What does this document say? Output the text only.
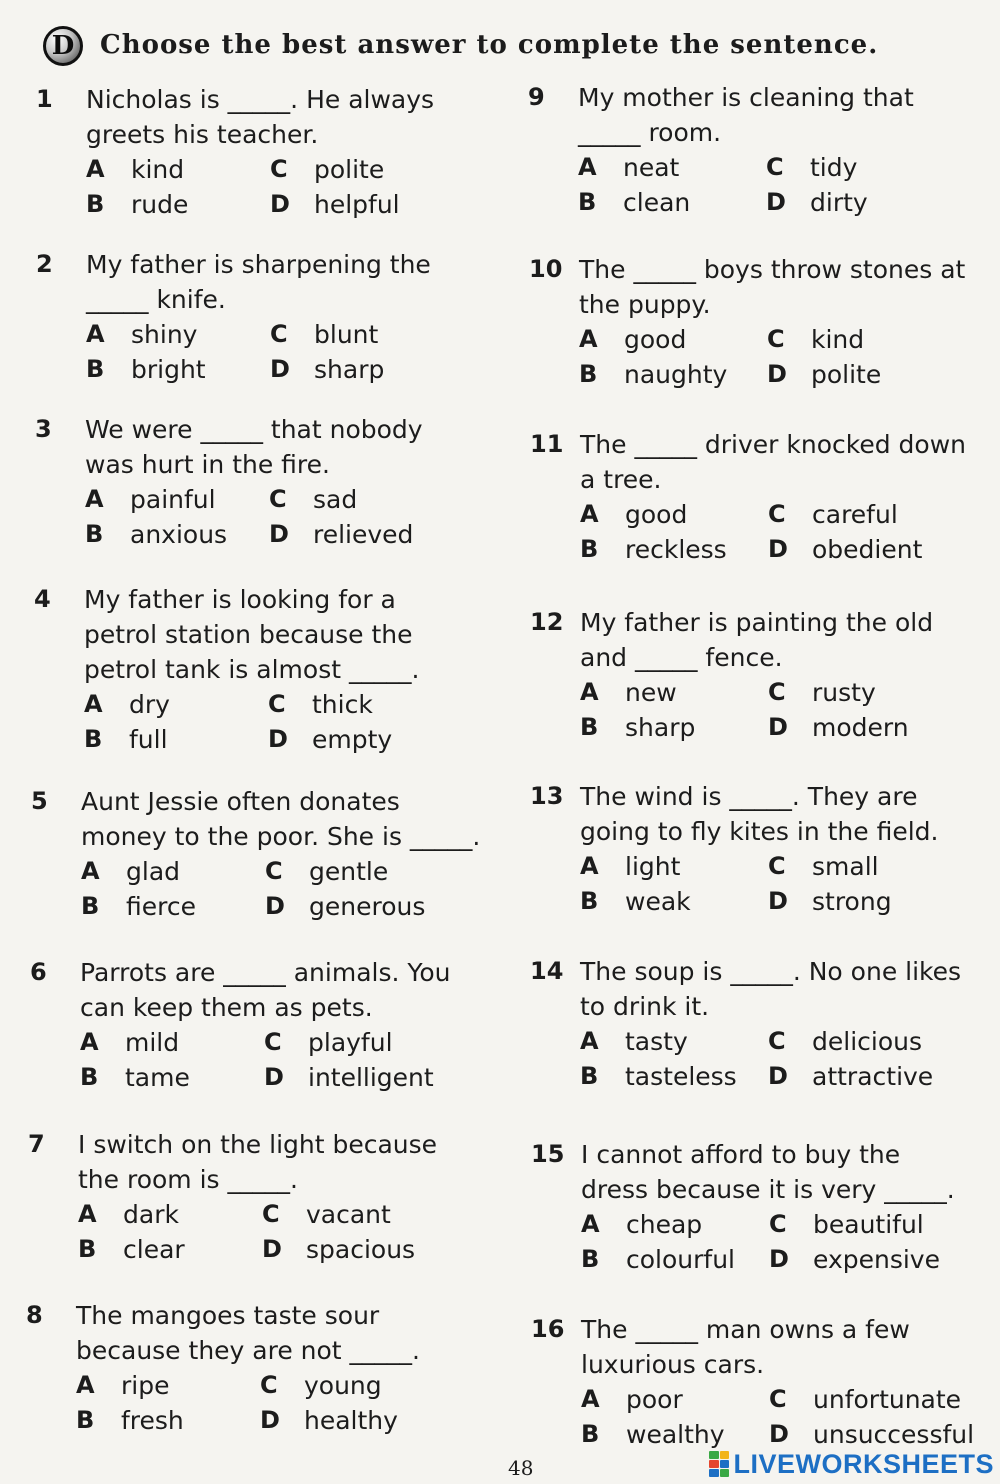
D Choose the best answer to complete the sentence.
1 Nicholas is _____. He always
greets his teacher.
A kind	C polite
B rude	D helpful
2 My father is sharpening the
_____ knife.
A shiny	C blunt
B bright	D sharp
3 We were _____ that nobody
was hurt in the fire.
A painful C sad
B anxious D relieved
4 My father is looking for a
petrol station because the
petrol tank is almost _____.
A dry	C thick
B full	D empty
5 Aunt Jessie often donates
money to the poor. She is _____.
A glad	C gentle
B fierce	D generous
6 Parrots are _____ animals. You
can keep them as pets.
A mild	C playful
B tame	D intelligent
7 I switch on the light because
the room is _____.
A dark	C vacant
B clear	D spacious
8 The mangoes taste sour
because they are not _____.
A ripe	C young
B fresh	D healthy
9 My mother is cleaning that
_____ room.
A neat	C tidy
B clean	D dirty
10 The _____ boys throw stones at
the puppy.
A good	C kind
B naughty D polite
11 The _____ driver knocked down
a tree.
A good	C careful
B reckless D obedient
12 My father is painting the old
and _____ fence.
A new	C rusty
B sharp	D modern
13 The wind is _____. They are
going to fly kites in the field.
A light	C small
B weak	D strong
14 The soup is _____. No one likes
to drink it.
A tasty	C delicious
B tasteless D attractive
15 I cannot afford to buy the
dress because it is very _____.
A cheap	C beautiful
B colourful D expensive
16 The _____ man owns a few
luxurious cars.
A poor	C unfortunate
B wealthy D unsuccessful
48	LIVEWORKSHEETS
